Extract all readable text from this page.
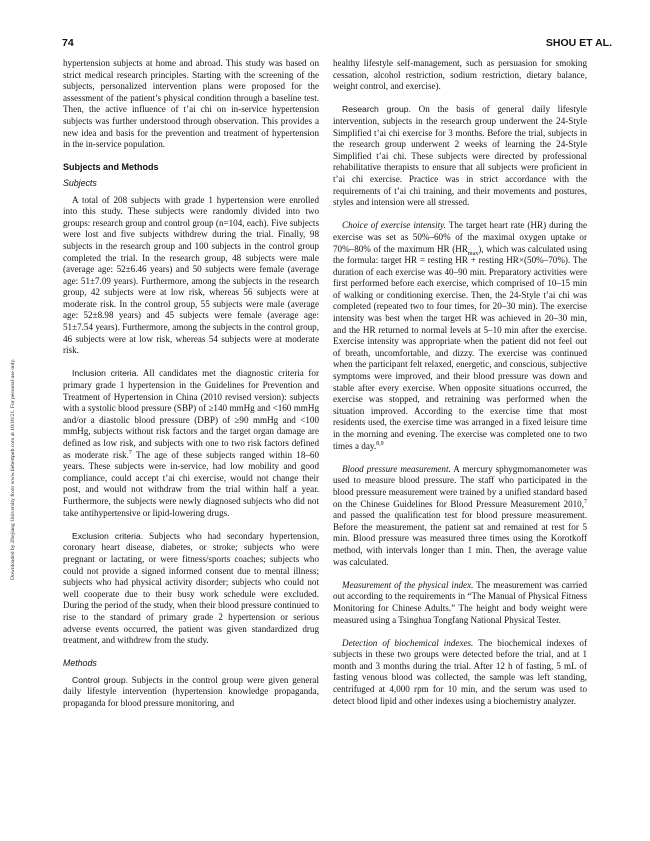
74	SHOU ET AL.
Downloaded by Zhejiang University from www.liebertpub.com at 10/16/21. For personal use only.

hypertension subjects at home and abroad. This study was based on strict medical research principles. Starting with the screening of the subjects, personalized intervention plans were proposed for the assessment of the patient’s physical condition through a baseline test. Then, the active influence of t’ai chi on in-service hypertension subjects was further understood through observation. This provides a new idea and basis for the prevention and treatment of hypertension in the in-service population.

Subjects and Methods
Subjects

A total of 208 subjects with grade 1 hypertension were enrolled into this study. These subjects were randomly divided into two groups: research group and control group (n=104, each). Five subjects were lost and five subjects withdrew during the trial. Finally, 98 subjects in the research group and 100 subjects in the control group completed the trial. In the research group, 48 subjects were male (average age: 52±6.46 years) and 50 subjects were female (average age: 51±7.09 years). Furthermore, among the subjects in the research group, 42 subjects were at low risk, whereas 56 subjects were at moderate risk. In the control group, 55 subjects were male (average age: 52±8.98 years) and 45 subjects were female (average age: 51±7.54 years). Furthermore, among the subjects in the control group, 46 subjects were at low risk, whereas 54 subjects were at moderate risk.

Inclusion criteria. All candidates met the diagnostic criteria for primary grade 1 hypertension in the Guidelines for Prevention and Treatment of Hypertension in China (2010 revised version): subjects with a systolic blood pressure (SBP) of ≥140 mmHg and <160 mmHg and/or a diastolic blood pressure (DBP) of ≥90 mmHg and <100 mmHg, subjects without risk factors and the target organ damage are defined as low risk, and subjects with one to two risk factors defined as moderate risk.$^7$ The age of these subjects ranged within 18–60 years. These subjects were in-service, had low mobility and good compliance, could accept t’ai chi exercise, would not change their post, and would not withdraw from the trial within half a year. Furthermore, the subjects were newly diagnosed subjects who did not take antihypertensive or lipid-lowering drugs.

Exclusion criteria. Subjects who had secondary hypertension, coronary heart disease, diabetes, or stroke; subjects who were pregnant or lactating, or were fitness/sports coaches; subjects who could not provide a signed informed consent due to mental illness; subjects who had physical activity disorder; subjects who could not well cooperate due to their busy work schedule were excluded. During the period of the study, when their blood pressure continued to rise to the standard of primary grade 2 hypertension or serious adverse events occurred, the patient was given standardized drug treatment, and withdrew from the study.

Methods

Control group. Subjects in the control group were given general daily lifestyle intervention (hypertension knowledge propaganda, propaganda for blood pressure monitoring, and

healthy lifestyle self-management, such as persuasion for smoking cessation, alcohol restriction, sodium restriction, dietary balance, weight control, and exercise).

Research group. On the basis of general daily lifestyle intervention, subjects in the research group underwent the 24-Style Simplified t’ai chi exercise for 3 months. Before the trial, subjects in the research group underwent 2 weeks of learning the 24-Style Simplified t’ai chi. These subjects were directed by professional rehabilitative therapists to ensure that all subjects were proficient in t’ai chi exercise. Practice was in strict accordance with the requirements of t’ai chi training, and their movements and postures, styles and intension were all stressed.

Choice of exercise intensity. The target heart rate (HR) during the exercise was set as 50%–60% of the maximal oxygen uptake or 70%–80% of the maximum HR $(HR_{max})$, which was calculated using the formula: target HR = resting HR + resting HR×(50%–70%). The duration of each exercise was 40–90 min. Preparatory activities were first performed before each exercise, which comprised of 10–15 min of walking or conditioning exercise. Then, the 24-Style t’ai chi was completed (repeated two to four times, for 20–30 min). The exercise intensity was best when the target HR was achieved in 20–30 min, and the HR returned to normal levels at 5–10 min after the exercise. Exercise intensity was appropriate when the patient did not feel out of breath, uncomfortable, and dizzy. The exercise was continued when the participant felt relaxed, energetic, and conscious, subjective symptoms were improved, and their blood pressure was down and stable after every exercise. When opposite situations occurred, the exercise was stopped, and retraining was performed when the situation improved. According to the exercise time that most residents used, the exercise time was arranged in a fixed leisure time in the morning and evening. The exercise was completed one to two times a day.$^{8,9}$

Blood pressure measurement. A mercury sphygmomanometer was used to measure blood pressure. The staff who participated in the blood pressure measurement were trained by a unified standard based on the Chinese Guidelines for Blood Pressure Measurement 2010,$^7$ and passed the qualification test for blood pressure measurement. Before the measurement, the patient sat and remained at rest for 5 min. Blood pressure was measured three times using the Korotkoff method, with intervals longer than 1 min. Then, the average value was calculated.

Measurement of the physical index. The measurement was carried out according to the requirements in “The Manual of Physical Fitness Monitoring for Chinese Adults.” The height and body weight were measured using a Tsinghua Tongfang National Physical Tester.

Detection of biochemical indexes. The biochemical indexes of subjects in these two groups were detected before the trial, and at 1 month and 3 months during the trial. After 12 h of fasting, 5 mL of fasting venous blood was collected, the sample was left standing, centrifuged at 4,000 rpm for 10 min, and the serum was used to detect blood lipid and other indexes using a biochemistry analyzer.
